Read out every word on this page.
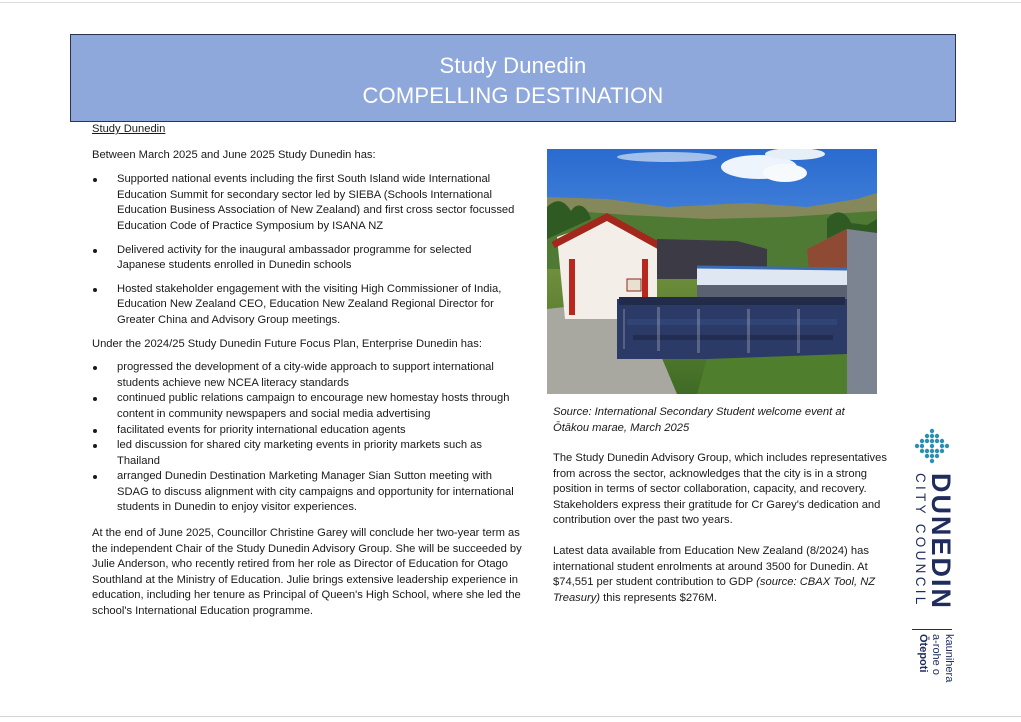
Study Dunedin
COMPELLING DESTINATION

Study Dunedin

Between March 2025 and June 2025 Study Dunedin has:

Supported national events including the first South Island wide International Education Summit for secondary sector led by SIEBA (Schools International Education Business Association of New Zealand) and first cross sector focussed Education Code of Practice Symposium by ISANA NZ
Delivered activity for the inaugural ambassador programme for selected Japanese students enrolled in Dunedin schools
Hosted stakeholder engagement with the visiting High Commissioner of India, Education New Zealand CEO, Education New Zealand Regional Director for Greater China and Advisory Group meetings.

Under the 2024/25 Study Dunedin Future Focus Plan, Enterprise Dunedin has:

progressed the development of a city-wide approach to support international students achieve new NCEA literacy standards
continued public relations campaign to encourage new homestay hosts through content in community newspapers and social media advertising
facilitated events for priority international education agents
led discussion for shared city marketing events in priority markets such as Thailand
arranged Dunedin Destination Marketing Manager Sian Sutton meeting with SDAG to discuss alignment with city campaigns and opportunity for international students in Dunedin to enjoy visitor experiences.

At the end of June 2025, Councillor Christine Garey will conclude her two-year term as the independent Chair of the Study Dunedin Advisory Group. She will be succeeded by Julie Anderson, who recently retired from her role as Director of Education for Otago Southland at the Ministry of Education. Julie brings extensive leadership experience in education, including her tenure as Principal of Queen's High School, where she led the school's International Education programme.

Source: International Secondary Student welcome event at
Ōtākou marae, March 2025

The Study Dunedin Advisory Group, which includes representatives from across the sector, acknowledges that the city is in a strong position in terms of sector collaboration, capacity, and recovery. Stakeholders express their gratitude for Cr Garey's dedication and contribution over the past two years.

Latest data available from Education New Zealand (8/2024) has international student enrolments at around 3500 for Dunedin. At $74,551 per student contribution to GDP (source: CBAX Tool, NZ Treasury) this represents $276M.	DUNEDIN
CITY COUNCIL
kaunihera
a-rohe o
Ōtepoti
